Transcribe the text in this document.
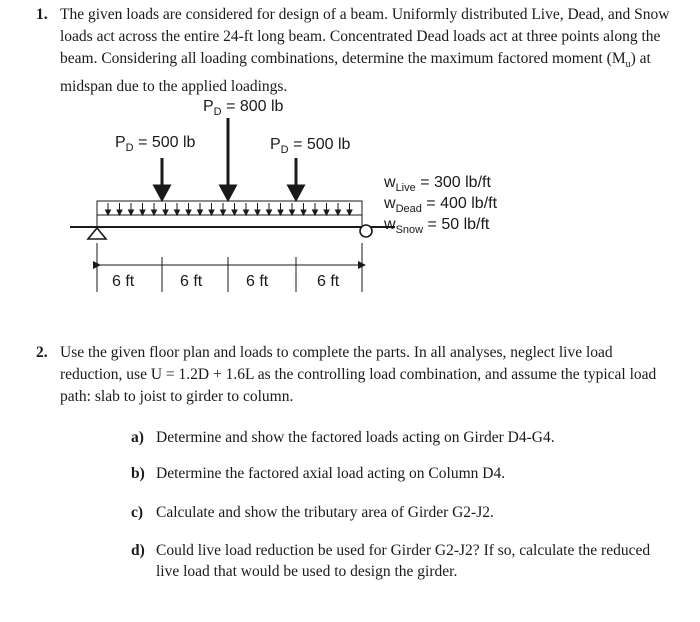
1. The given loads are considered for design of a beam. Uniformly distributed Live, Dead, and Snow loads act across the entire 24-ft long beam. Concentrated Dead loads act at three points along the beam. Considering all loading combinations, determine the maximum factored moment $(M_u)$ at midspan due to the applied loadings.
$P_D = 500$ lb
$P_D = 800$ lb
$P_D = 500$ lb
6 ft	6 ft	6 ft	6 ft
$w_{Live} = 300$ lb/ft
$w_{Dead} = 400$ lb/ft
$w_{Snow} = 50$ lb/ft
2. Use the given floor plan and loads to complete the parts. In all analyses, neglect live load reduction, use U = 1.2D + 1.6L as the controlling load combination, and assume the typical load path: slab to joist to girder to column.
a) Determine and show the factored loads acting on Girder D4-G4.
b) Determine the factored axial load acting on Column D4.
c) Calculate and show the tributary area of Girder G2-J2.
d) Could live load reduction be used for Girder G2-J2? If so, calculate the reduced live load that would be used to design the girder.
